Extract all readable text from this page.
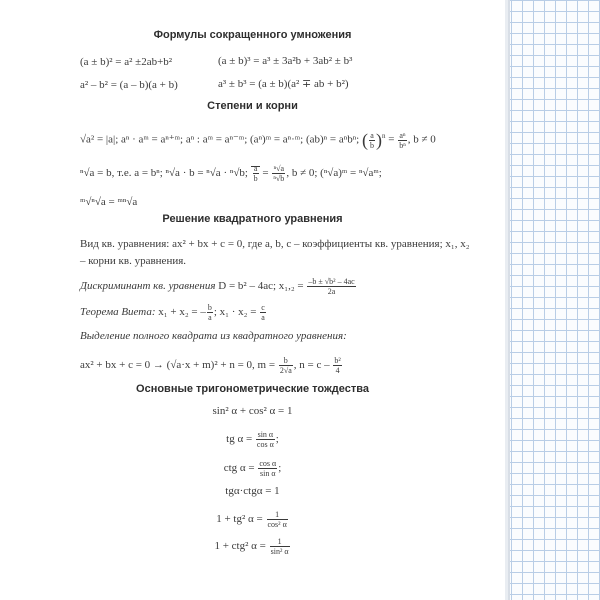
Формулы сокращенного умножения
(a ± b)² = a² ±2ab+b²	(a ± b)³ = a³ ± 3a²b + 3ab² ± b³
a² – b² = (a – b)(a + b)	a³ ± b³ = (a ± b)(a² ∓ ab + b²)
Степени и корни
√a² = |a|; aⁿ · aᵐ = aⁿ⁺ᵐ; aⁿ : aᵐ = aⁿ⁻ᵐ; (aⁿ)ᵐ = aⁿ·ᵐ; (ab)ⁿ = aⁿbⁿ; ( $\frac{a}{b} )^n = \frac{\text{aⁿ}}{\text{bⁿ}}$ , b ≠ 0
ⁿ√a = b, т.е. a = bⁿ; ⁿ√a · b = ⁿ√a · ⁿ√b; $\frac{a}{b} = \frac{\text{ⁿ√a}}{\text{ⁿ√b}}$ , b ≠ 0; (ⁿ√a)ᵐ = ⁿ√aᵐ;
ᵐ√ⁿ√a = ᵐⁿ√a
Решение квадратного уравнения
Вид кв. уравнения: ax² + bx + c = 0, где a, b, c – коэффициенты кв. уравнения; x₁, x₂ – корни кв. уравнения.
Дискриминант кв. уравнения D = b² – 4ac; $x_1,_2 = \frac{\text{–b ± √b² – 4ac}}{2a}$
Теорема Виета: x₁ + x₂ = – $\frac{b}{a}$ ; $x_1 \cdot x_2 = \frac{c}{a}$
Выделение полного квадрата из квадратного уравнения:
ax² + bx + c = 0 → (√a·x + m)² + n = 0, $m = \frac{b}{2√a}$ , $n = c - \frac{\text{b²}}{4}$
Основные тригонометрические тождества
sin² α + cos² α = 1
tg $\alpha = \frac{\text{sin α}}{\text{cos α}}$ ;
ctg $\alpha = \frac{\text{cos α}}{\text{sin α}}$ ;
tgα·ctgα = 1
1 + tg² $\alpha = \frac{1}{\text{cos² α}}$
1 + ctg² $\alpha = \frac{1}{\text{sin² α}}$
